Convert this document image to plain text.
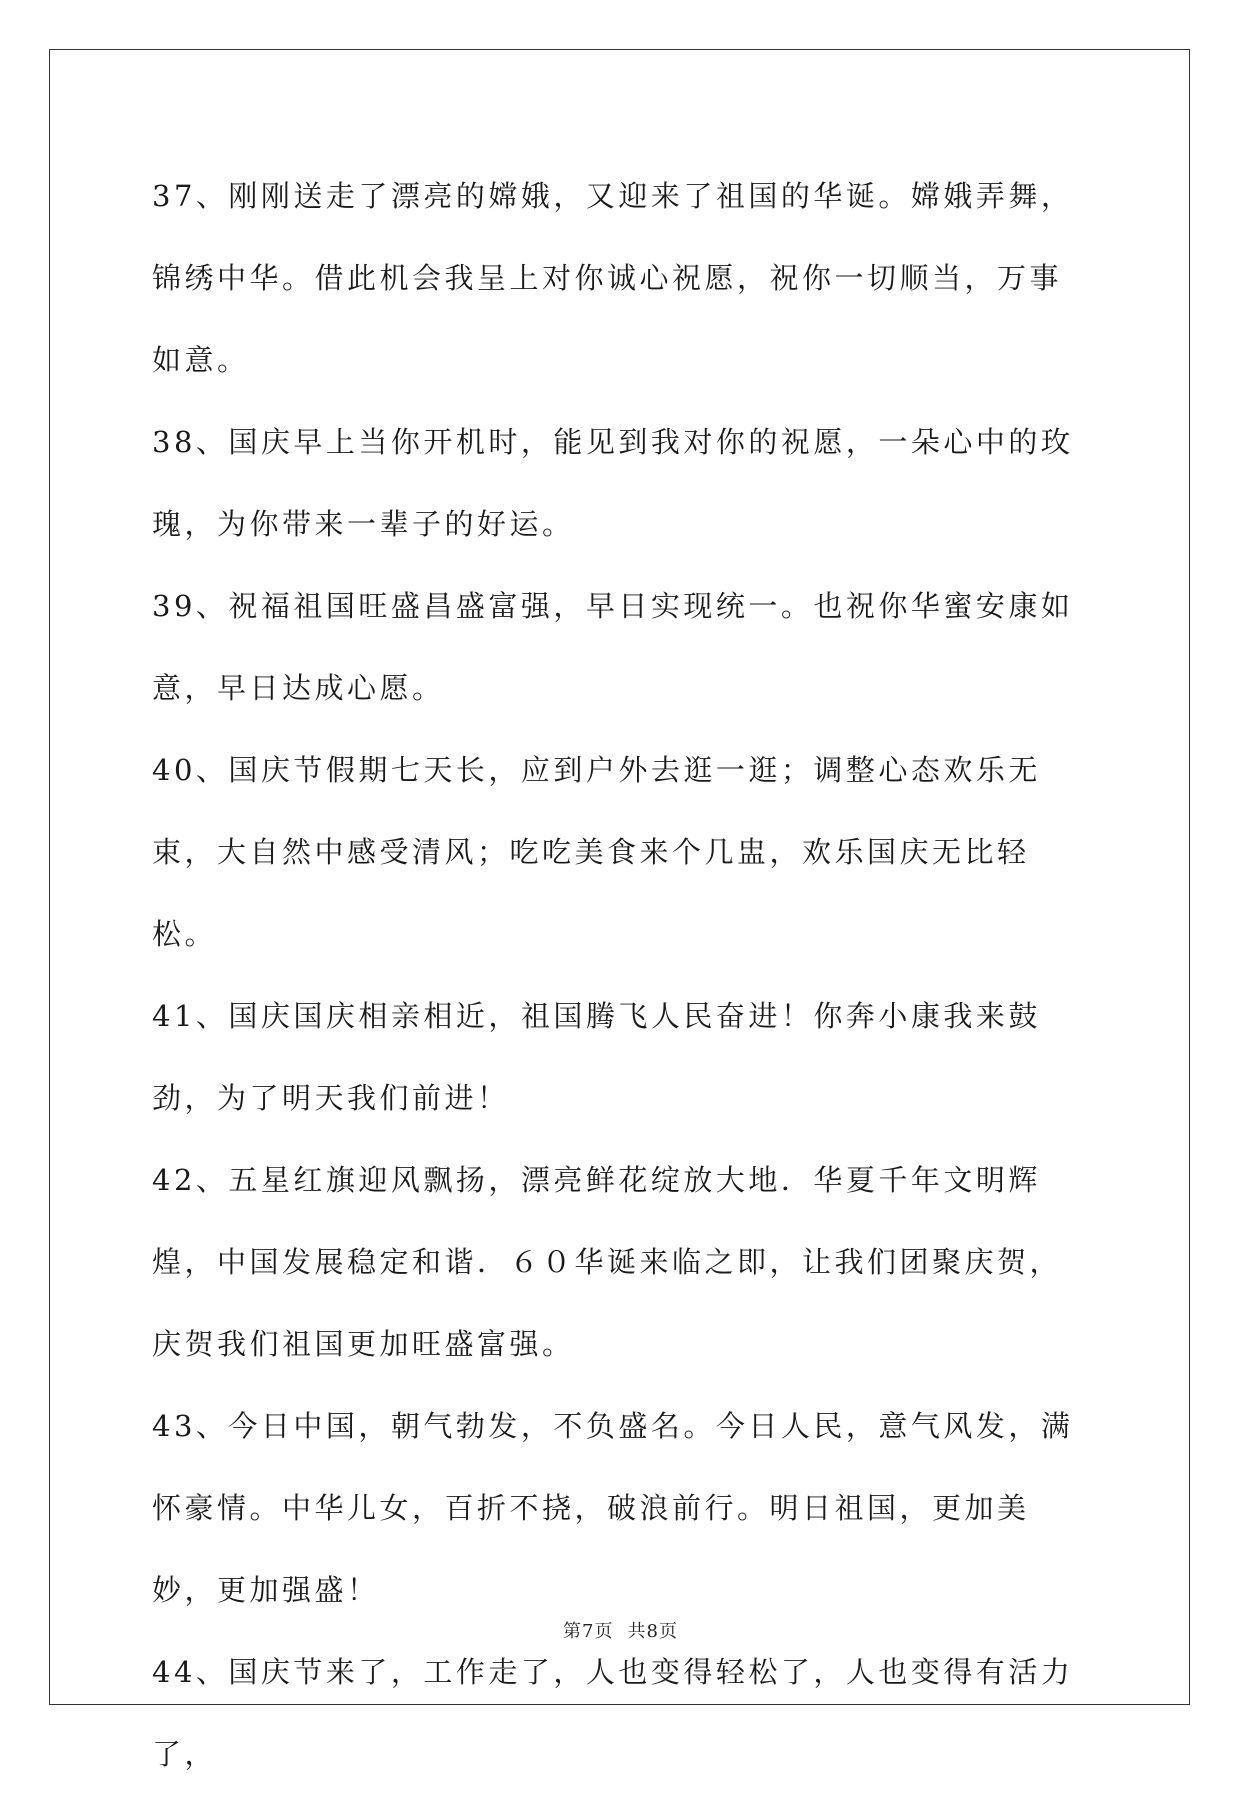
37、刚刚送走了漂亮的嫦娥，又迎来了祖国的华诞。嫦娥弄舞，锦绣中华。借此机会我呈上对你诚心祝愿，祝你一切顺当，万事如意。

38、国庆早上当你开机时，能见到我对你的祝愿，一朵心中的玫瑰，为你带来一辈子的好运。

39、祝福祖国旺盛昌盛富强，早日实现统一。也祝你华蜜安康如意，早日达成心愿。

40、国庆节假期七天长，应到户外去逛一逛；调整心态欢乐无束，大自然中感受清风；吃吃美食来个几盅，欢乐国庆无比轻松。

41、国庆国庆相亲相近，祖国腾飞人民奋进！你奔小康我来鼓劲，为了明天我们前进！

42、五星红旗迎风飘扬，漂亮鲜花绽放大地．华夏千年文明辉煌，中国发展稳定和谐．６０华诞来临之即，让我们团聚庆贺，庆贺我们祖国更加旺盛富强。

43、今日中国，朝气勃发，不负盛名。今日人民，意气风发，满怀豪情。中华儿女，百折不挠，破浪前行。明日祖国，更加美妙，更加强盛！

44、国庆节来了，工作走了，人也变得轻松了，人也变得有活力了，

第7页 共8页
